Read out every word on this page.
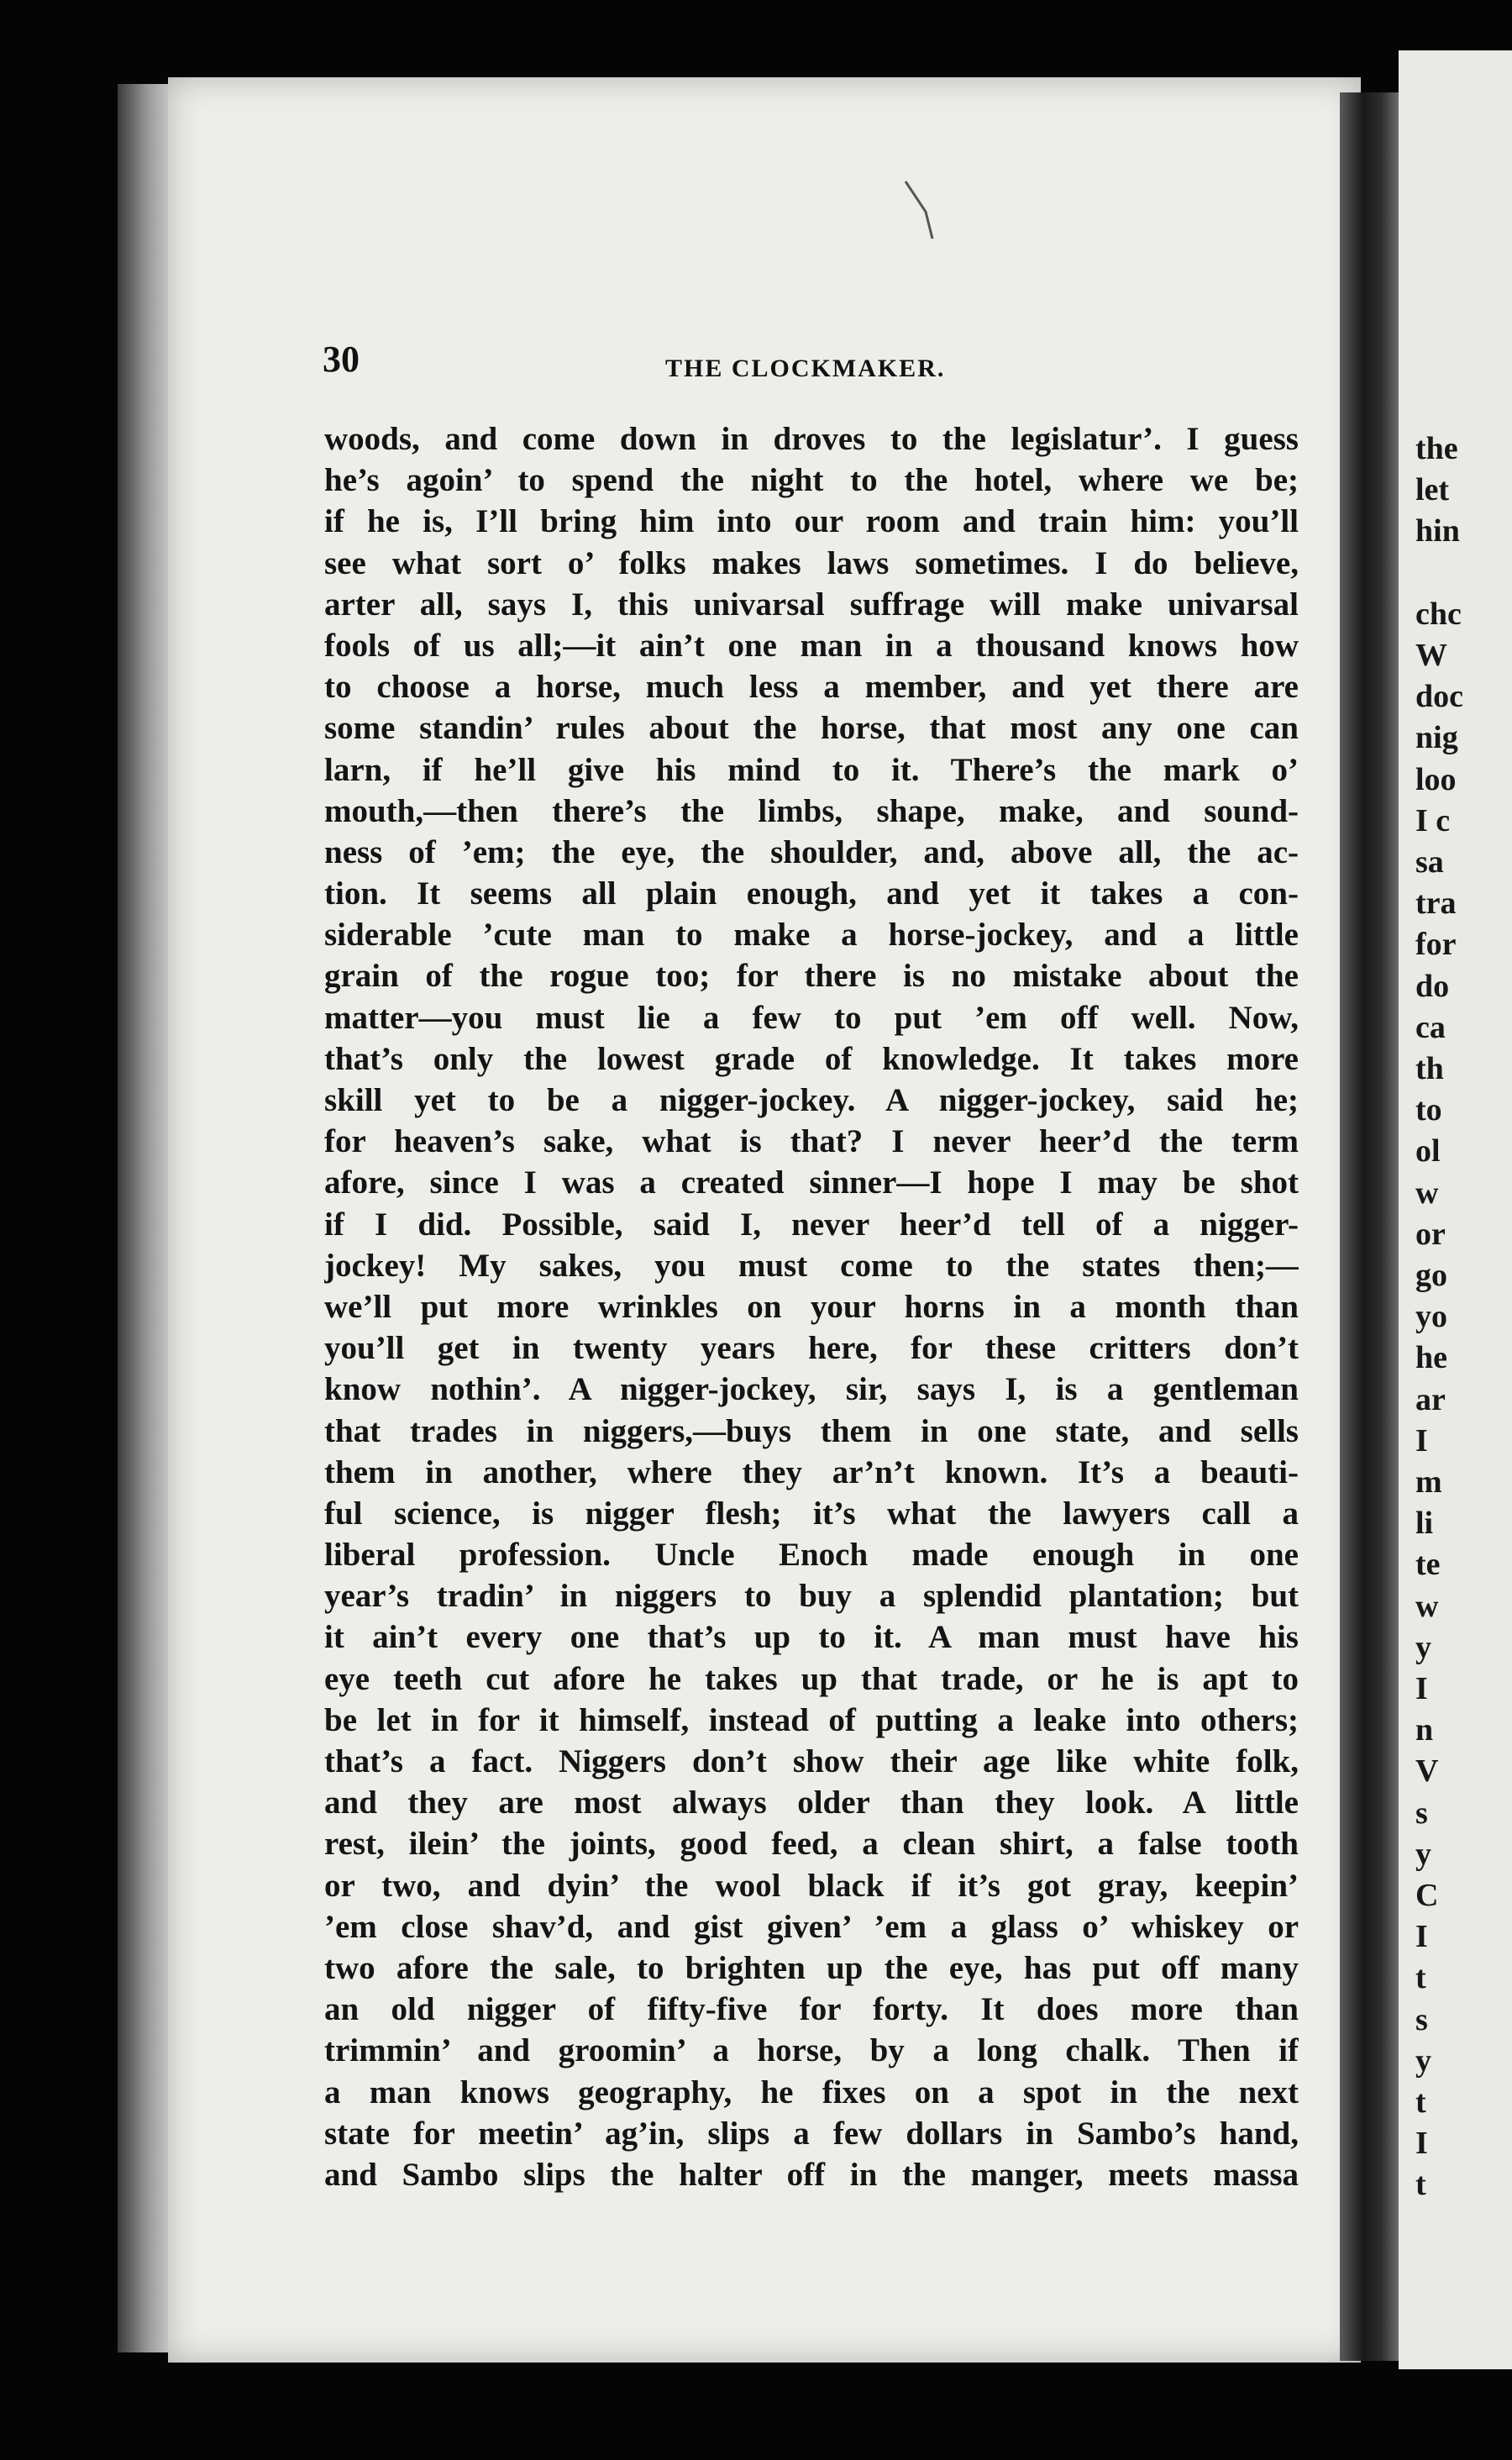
30	THE CLOCKMAKER.
woods, and come down in droves to the legislatur’. I guess
he’s agoin’ to spend the night to the hotel, where we be;
if he is, I’ll bring him into our room and train him: you’ll
see what sort o’ folks makes laws sometimes. I do believe,
arter all, says I, this univarsal suffrage will make univarsal
fools of us all;—it ain’t one man in a thousand knows how
to choose a horse, much less a member, and yet there are
some standin’ rules about the horse, that most any one can
larn, if he’ll give his mind to it. There’s the mark o’
mouth,—then there’s the limbs, shape, make, and sound-
ness of ’em; the eye, the shoulder, and, above all, the ac-
tion. It seems all plain enough, and yet it takes a con-
siderable ’cute man to make a horse-jockey, and a little
grain of the rogue too; for there is no mistake about the
matter—you must lie a few to put ’em off well. Now,
that’s only the lowest grade of knowledge. It takes more
skill yet to be a nigger-jockey. A nigger-jockey, said he;
for heaven’s sake, what is that? I never heer’d the term
afore, since I was a created sinner—I hope I may be shot
if I did. Possible, said I, never heer’d tell of a nigger-
jockey! My sakes, you must come to the states then;—
we’ll put more wrinkles on your horns in a month than
you’ll get in twenty years here, for these critters don’t
know nothin’. A nigger-jockey, sir, says I, is a gentleman
that trades in niggers,—buys them in one state, and sells
them in another, where they ar’n’t known. It’s a beauti-
ful science, is nigger flesh; it’s what the lawyers call a
liberal profession. Uncle Enoch made enough in one
year’s tradin’ in niggers to buy a splendid plantation; but
it ain’t every one that’s up to it. A man must have his
eye teeth cut afore he takes up that trade, or he is apt to
be let in for it himself, instead of putting a leake into others;
that’s a fact. Niggers don’t show their age like white folk,
and they are most always older than they look. A little
rest, ilein’ the joints, good feed, a clean shirt, a false tooth
or two, and dyin’ the wool black if it’s got gray, keepin’
’em close shav’d, and gist given’ ’em a glass o’ whiskey or
two afore the sale, to brighten up the eye, has put off many
an old nigger of fifty-five for forty. It does more than
trimmin’ and groomin’ a horse, by a long chalk. Then if
a man knows geography, he fixes on a spot in the next
state for meetin’ ag’in, slips a few dollars in Sambo’s hand,
and Sambo slips the halter off in the manger, meets massa
the
let
hin
chc
W
doc
nig
loo
I c
sa
tra
for
do
ca
th
to
ol
w
or
go
yo
he
ar
I
m
li
te
w
y
I
n
V
s
y
C
I
t
s
y
t
I
t
